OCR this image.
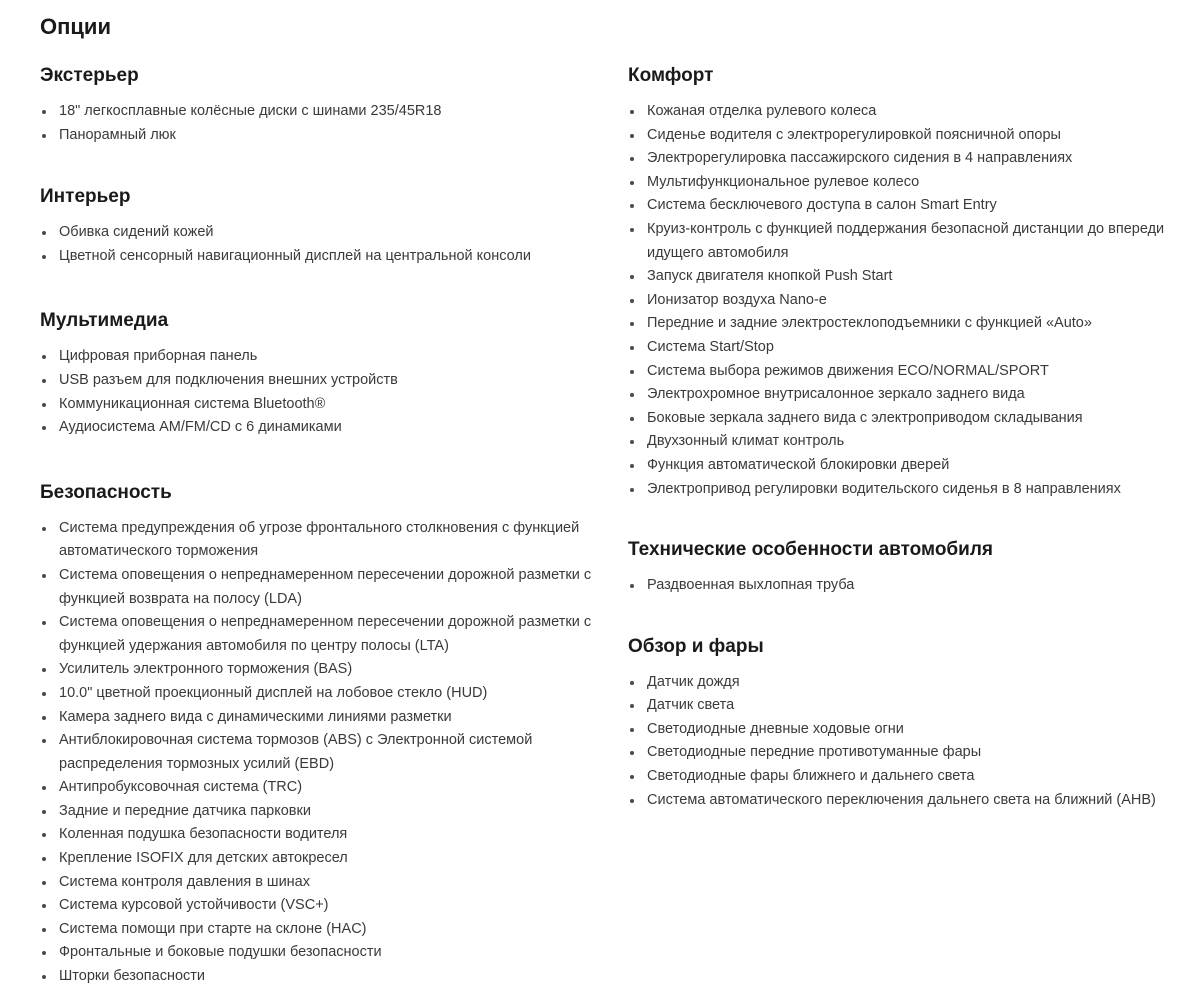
Опции
Экстерьер
18" легкосплавные колёсные диски с шинами 235/45R18
Панорамный люк
Интерьер
Обивка сидений кожей
Цветной сенсорный навигационный дисплей на центральной консоли
Мультимедиа
Цифровая приборная панель
USB разъем для подключения внешних устройств
Коммуникационная система Bluetooth®
Аудиосистема AM/FM/CD с 6 динамиками
Безопасность
Система предупреждения об угрозе фронтального столкновения с функцией автоматического торможения
Система оповещения о непреднамеренном пересечении дорожной разметки с функцией возврата на полосу (LDA)
Система оповещения о непреднамеренном пересечении дорожной разметки с функцией удержания автомобиля по центру полосы (LTA)
Усилитель электронного торможения (BAS)
10.0" цветной проекционный дисплей на лобовое стекло (HUD)
Камера заднего вида с динамическими линиями разметки
Антиблокировочная система тормозов (ABS) с Электронной системой распределения тормозных усилий (EBD)
Антипробуксовочная система (TRC)
Задние и передние датчика парковки
Коленная подушка безопасности водителя
Крепление ISOFIX для детских автокресел
Система контроля давления в шинах
Система курсовой устойчивости (VSC+)
Система помощи при старте на склоне (HAC)
Фронтальные и боковые подушки безопасности
Шторки безопасности
Комфорт
Кожаная отделка рулевого колеса
Сиденье водителя с электрорегулировкой поясничной опоры
Электрорегулировка пассажирского сидения в 4 направлениях
Мультифункциональное рулевое колесо
Система бесключевого доступа в салон Smart Entry
Круиз-контроль с функцией поддержания безопасной дистанции до впереди идущего автомобиля
Запуск двигателя кнопкой Push Start
Ионизатор воздуха Nano-e
Передние и задние электростеклоподъемники с функцией «Auto»
Система Start/Stop
Система выбора режимов движения ECO/NORMAL/SPORT
Электрохромное внутрисалонное зеркало заднего вида
Боковые зеркала заднего вида с электроприводом складывания
Двухзонный климат контроль
Функция автоматической блокировки дверей
Электропривод регулировки водительского сиденья в 8 направлениях
Технические особенности автомобиля
Раздвоенная выхлопная труба
Обзор и фары
Датчик дождя
Датчик света
Светодиодные дневные ходовые огни
Светодиодные передние противотуманные фары
Светодиодные фары ближнего и дальнего света
Система автоматического переключения дальнего света на ближний (AHB)
